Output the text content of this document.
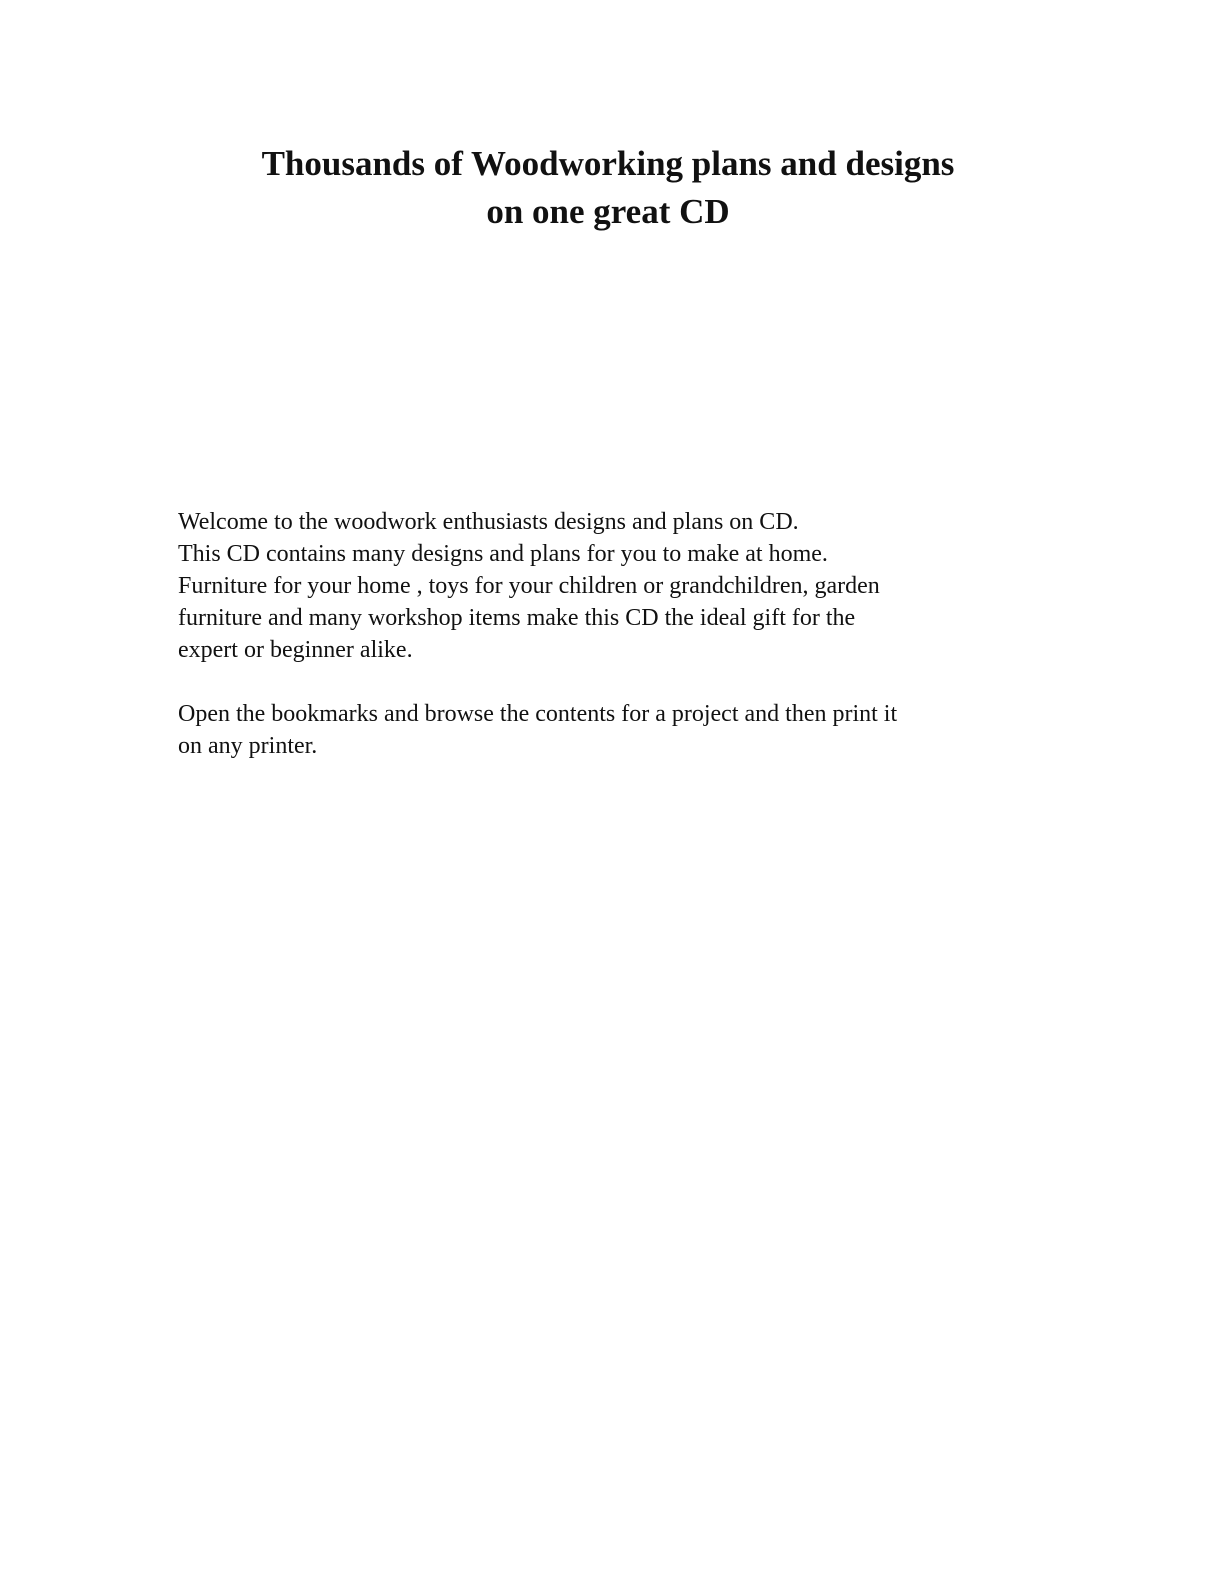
Thousands of Woodworking plans and designs
on one great CD
Welcome to the woodwork enthusiasts designs and plans on CD.
This CD contains many designs and plans for you to make at home.
Furniture for your home , toys for your children or grandchildren, garden
furniture and many workshop items make this CD the ideal gift for the
expert or beginner alike.
Open the bookmarks and browse the contents for a project and then print it
on any printer.
